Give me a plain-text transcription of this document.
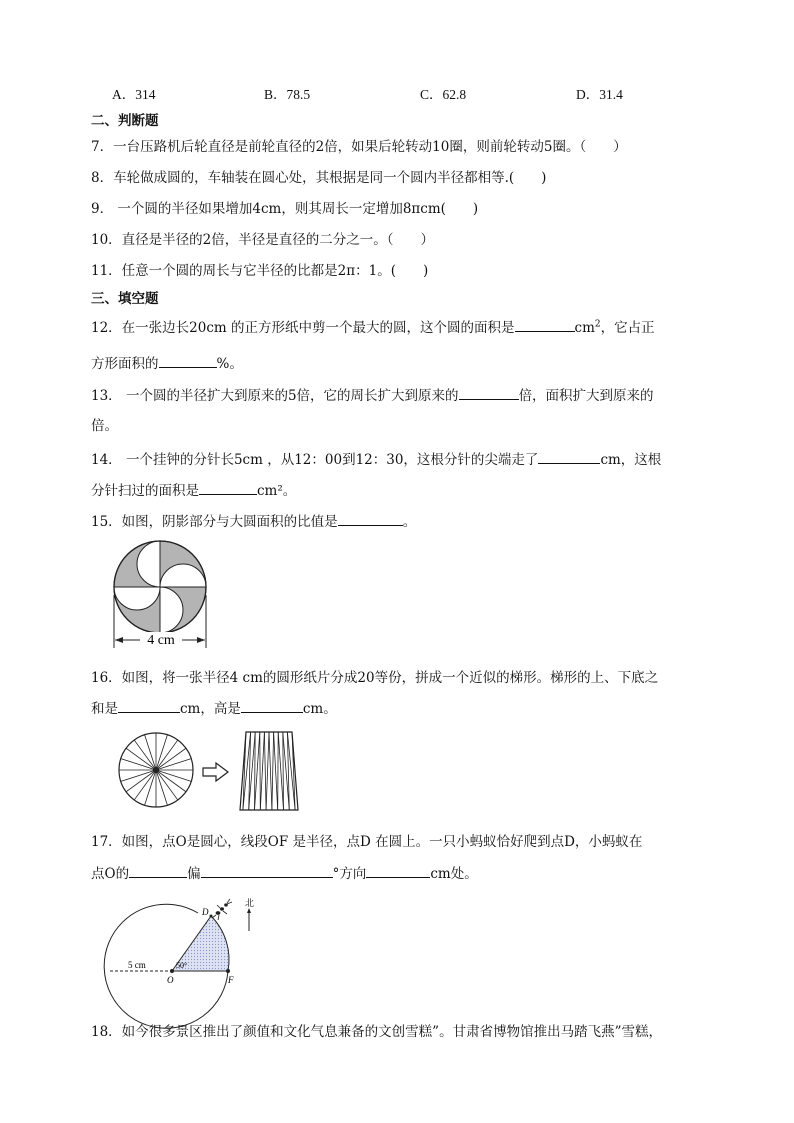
A．314	B．78.5	C．62.8	D．31.4
二、判断题
7．一台压路机后轮直径是前轮直径的2倍，如果后轮转动10圈，则前轮转动5圈。（　　）
8．车轮做成圆的，车轴装在圆心处，其根据是同一个圆内半径都相等.(　　)
9． 一个圆的半径如果增加4cm，则其周长一定增加8πcm(　　)
10．直径是半径的2倍，半径是直径的二分之一。（　　）
11．任意一个圆的周长与它半径的比都是2π：1。(　　)
三、填空题
12．在一张边长20cm 的正方形纸中剪一个最大的圆，这个圆的面积是	$cm^2$，它占正
方形面积的	%。
13． 一个圆的半径扩大到原来的5倍，它的周长扩大到原来的	倍，面积扩大到原来的
倍。
14． 一个挂钟的分针长5cm ，从12：00到12：30，这根分针的尖端走了	cm，这根
分针扫过的面积是	cm²。
15．如图，阴影部分与大圆面积的比值是	。
4 cm
16．如图，将一张半径4 cm的圆形纸片分成20等份，拼成一个近似的梯形。梯形的上、下底之
和是	cm，高是	cm。
17．如图，点O是圆心，线段OF 是半径，点D 在圆上。一只小蚂蚁恰好爬到点D，小蚂蚁在
点O的	偏	°方向	cm处。
5 cm	50°
D
O	F
北
18．如今很多景区推出了颜值和文化气息兼备的文创雪糕”。甘肃省博物馆推出马踏飞燕”雪糕，
